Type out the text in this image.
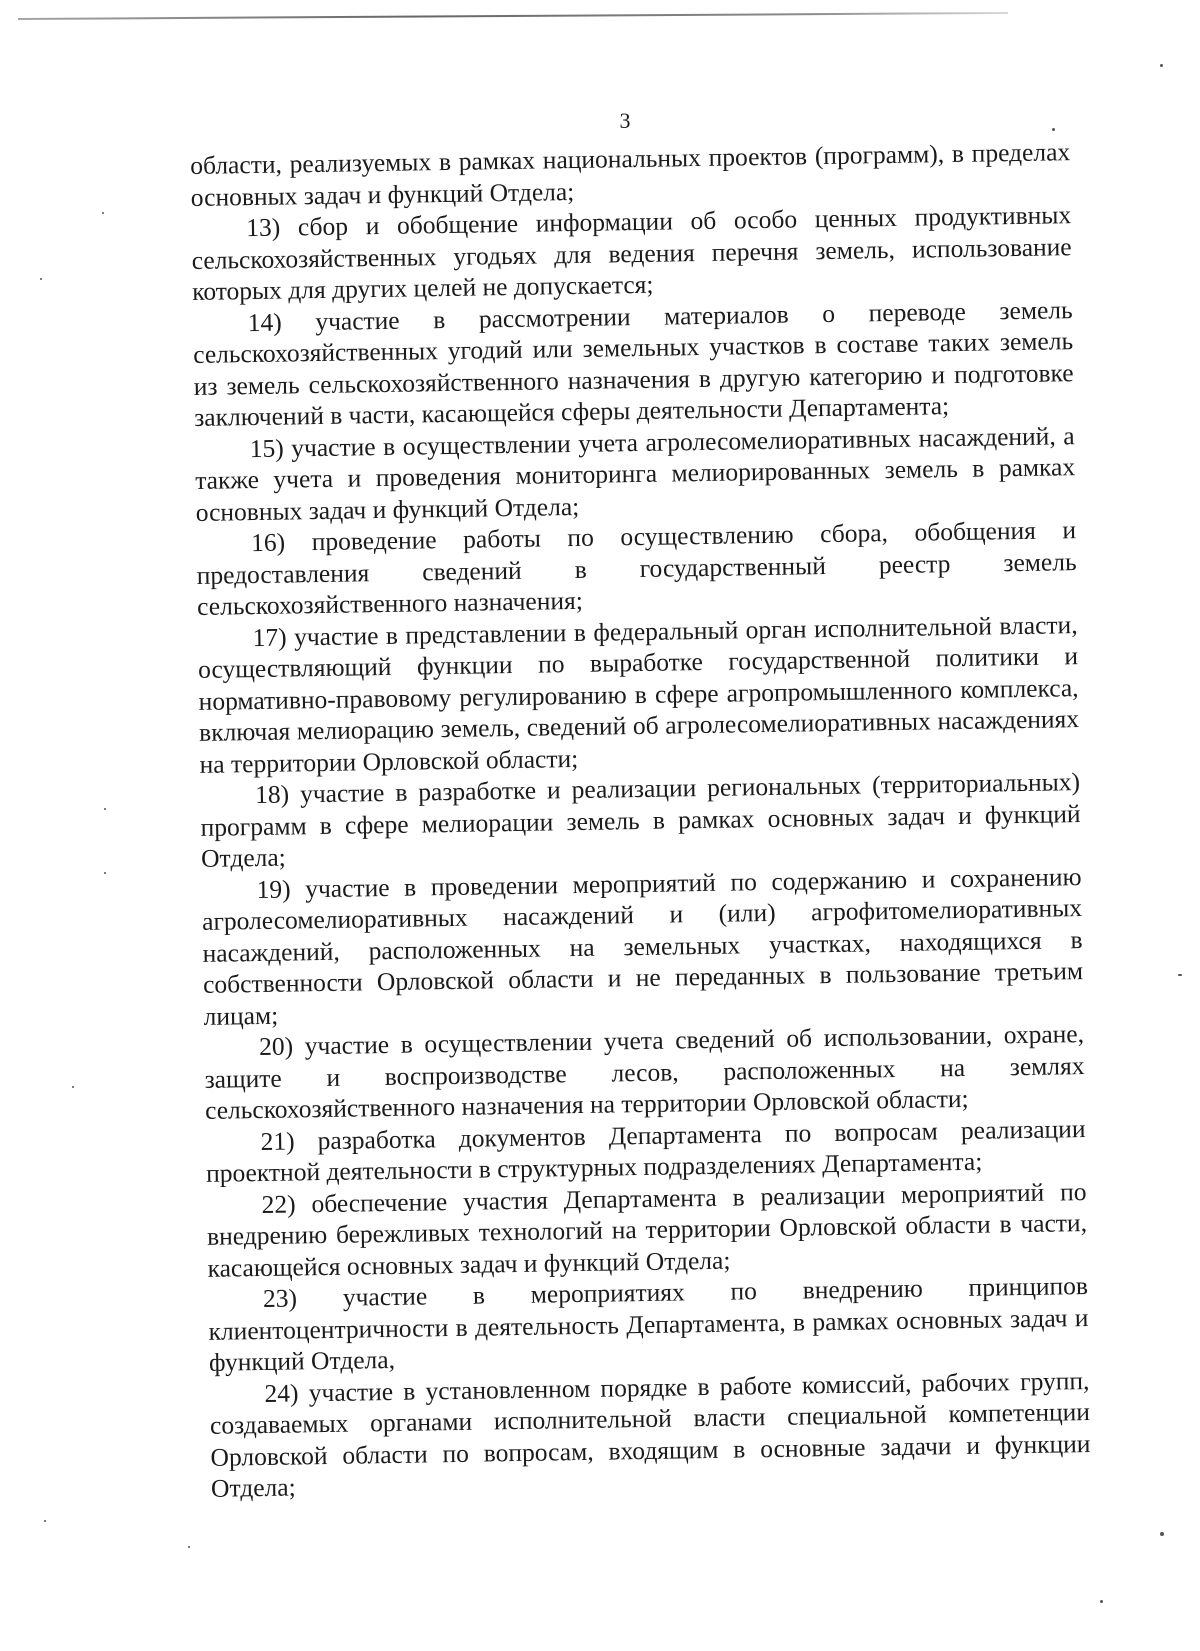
3

области, реализуемых в рамках национальных проектов (программ), в пределах основных задач и функций Отдела;

13) сбор и обобщение информации об особо ценных продуктивных сельскохозяйственных угодьях для ведения перечня земель, использование которых для других целей не допускается;

14) участие в рассмотрении материалов о переводе земель сельскохозяйственных угодий или земельных участков в составе таких земель из земель сельскохозяйственного назначения в другую категорию и подготовке заключений в части, касающейся сферы деятельности Департамента;

15) участие в осуществлении учета агролесомелиоративных насаждений, а также учета и проведения мониторинга мелиорированных земель в рамках основных задач и функций Отдела;

16) проведение работы по осуществлению сбора, обобщения и предоставления сведений в государственный реестр земель сельскохозяйственного назначения;

17) участие в представлении в федеральный орган исполнительной власти, осуществляющий функции по выработке государственной политики и нормативно-правовому регулированию в сфере агропромышленного комплекса, включая мелиорацию земель, сведений об агролесомелиоративных насаждениях на территории Орловской области;

18) участие в разработке и реализации региональных (территориальных) программ в сфере мелиорации земель в рамках основных задач и функций Отдела;

19) участие в проведении мероприятий по содержанию и сохранению агролесомелиоративных насаждений и (или) агрофитомелиоративных насаждений, расположенных на земельных участках, находящихся в собственности Орловской области и не переданных в пользование третьим лицам;

20) участие в осуществлении учета сведений об использовании, охране, защите и воспроизводстве лесов, расположенных на землях сельскохозяйственного назначения на территории Орловской области;

21) разработка документов Департамента по вопросам реализации проектной деятельности в структурных подразделениях Департамента;

22) обеспечение участия Департамента в реализации мероприятий по внедрению бережливых технологий на территории Орловской области в части, касающейся основных задач и функций Отдела;

23) участие в мероприятиях по внедрению принципов клиентоцентричности в деятельность Департамента, в рамках основных задач и функций Отдела,

24) участие в установленном порядке в работе комиссий, рабочих групп, создаваемых органами исполнительной власти специальной компетенции Орловской области по вопросам, входящим в основные задачи и функции Отдела;
